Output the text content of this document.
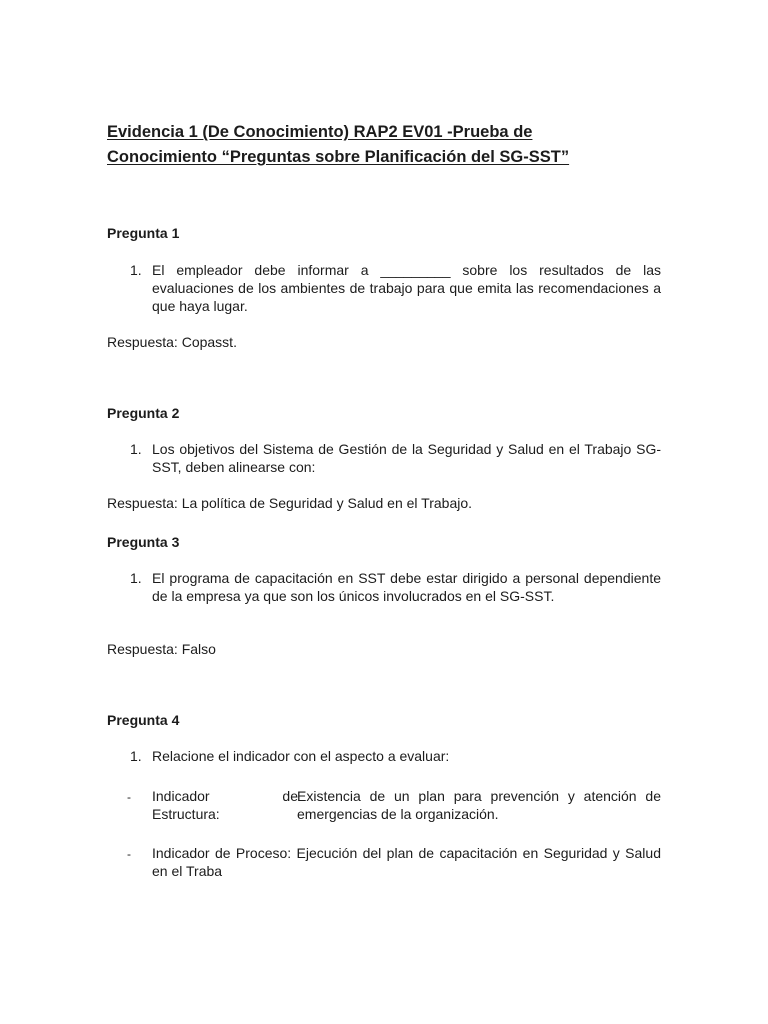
Evidencia 1 (De Conocimiento) RAP2 EV01 -Prueba de
Conocimiento “Preguntas sobre Planificación del SG-SST”
Pregunta 1
1. El empleador debe informar a _________ sobre los resultados de las evaluaciones de los ambientes de trabajo para que emita las recomendaciones a que haya lugar.

Respuesta: Copasst.

Pregunta 2
1. Los objetivos del Sistema de Gestión de la Seguridad y Salud en el Trabajo SG-SST, deben alinearse con:

Respuesta: La política de Seguridad y Salud en el Trabajo.

Pregunta 3
1. El programa de capacitación en SST debe estar dirigido a personal dependiente de la empresa ya que son los únicos involucrados en el SG-SST.

Respuesta: Falso

Pregunta 4
1. Relacione el indicador con el aspecto a evaluar:

- Indicador de
Estructura:
Existencia de un plan para prevención y atención de emergencias de la organización.
- Indicador de Proceso: Ejecución del plan de capacitación en Seguridad y Salud en el Traba
